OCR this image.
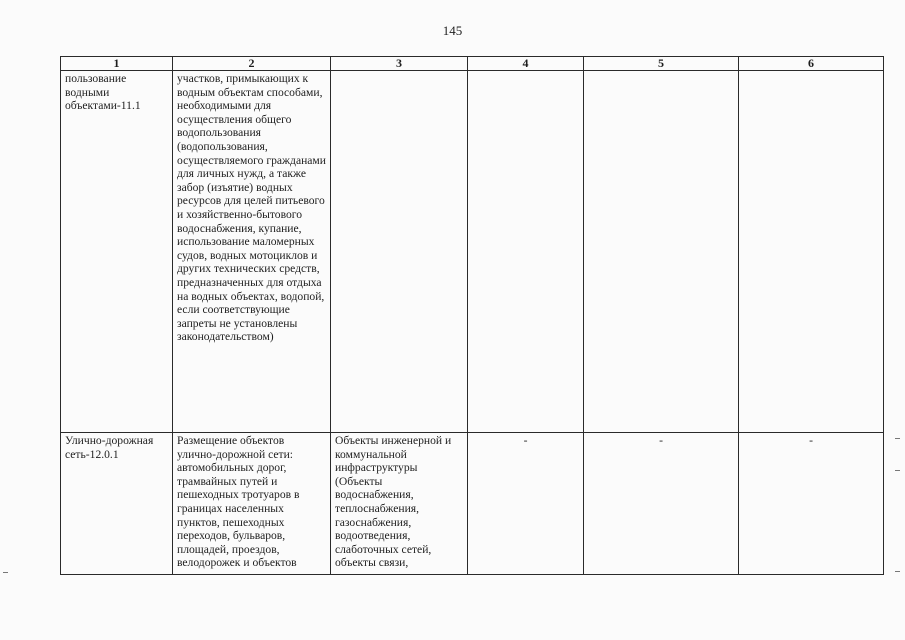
145
1	2	3	4	5	6
пользование водными объектами-11.1	участков, примыкающих к водным объектам способами, необходимыми для осуществления общего водопользования (водопользования, осуществляемого гражданами для личных нужд, а также забор (изъятие) водных ресурсов для целей питьевого и хозяйственно-бытового водоснабжения, купание, использование маломерных судов, водных мотоциклов и других технических средств, предназначенных для отдыха на водных объектах, водопой, если соответствующие запреты не установлены законодательством)				
Улично-дорожная сеть-12.0.1	Размещение объектов улично-дорожной сети: автомобильных дорог, трамвайных путей и пешеходных тротуаров в границах населенных пунктов, пешеходных переходов, бульваров, площадей, проездов, велодорожек и объектов	Объекты инженерной и коммунальной инфраструктуры (Объекты водоснабжения, теплоснабжения, газоснабжения, водоотведения, слаботочных сетей, объекты связи,	-	-	-
